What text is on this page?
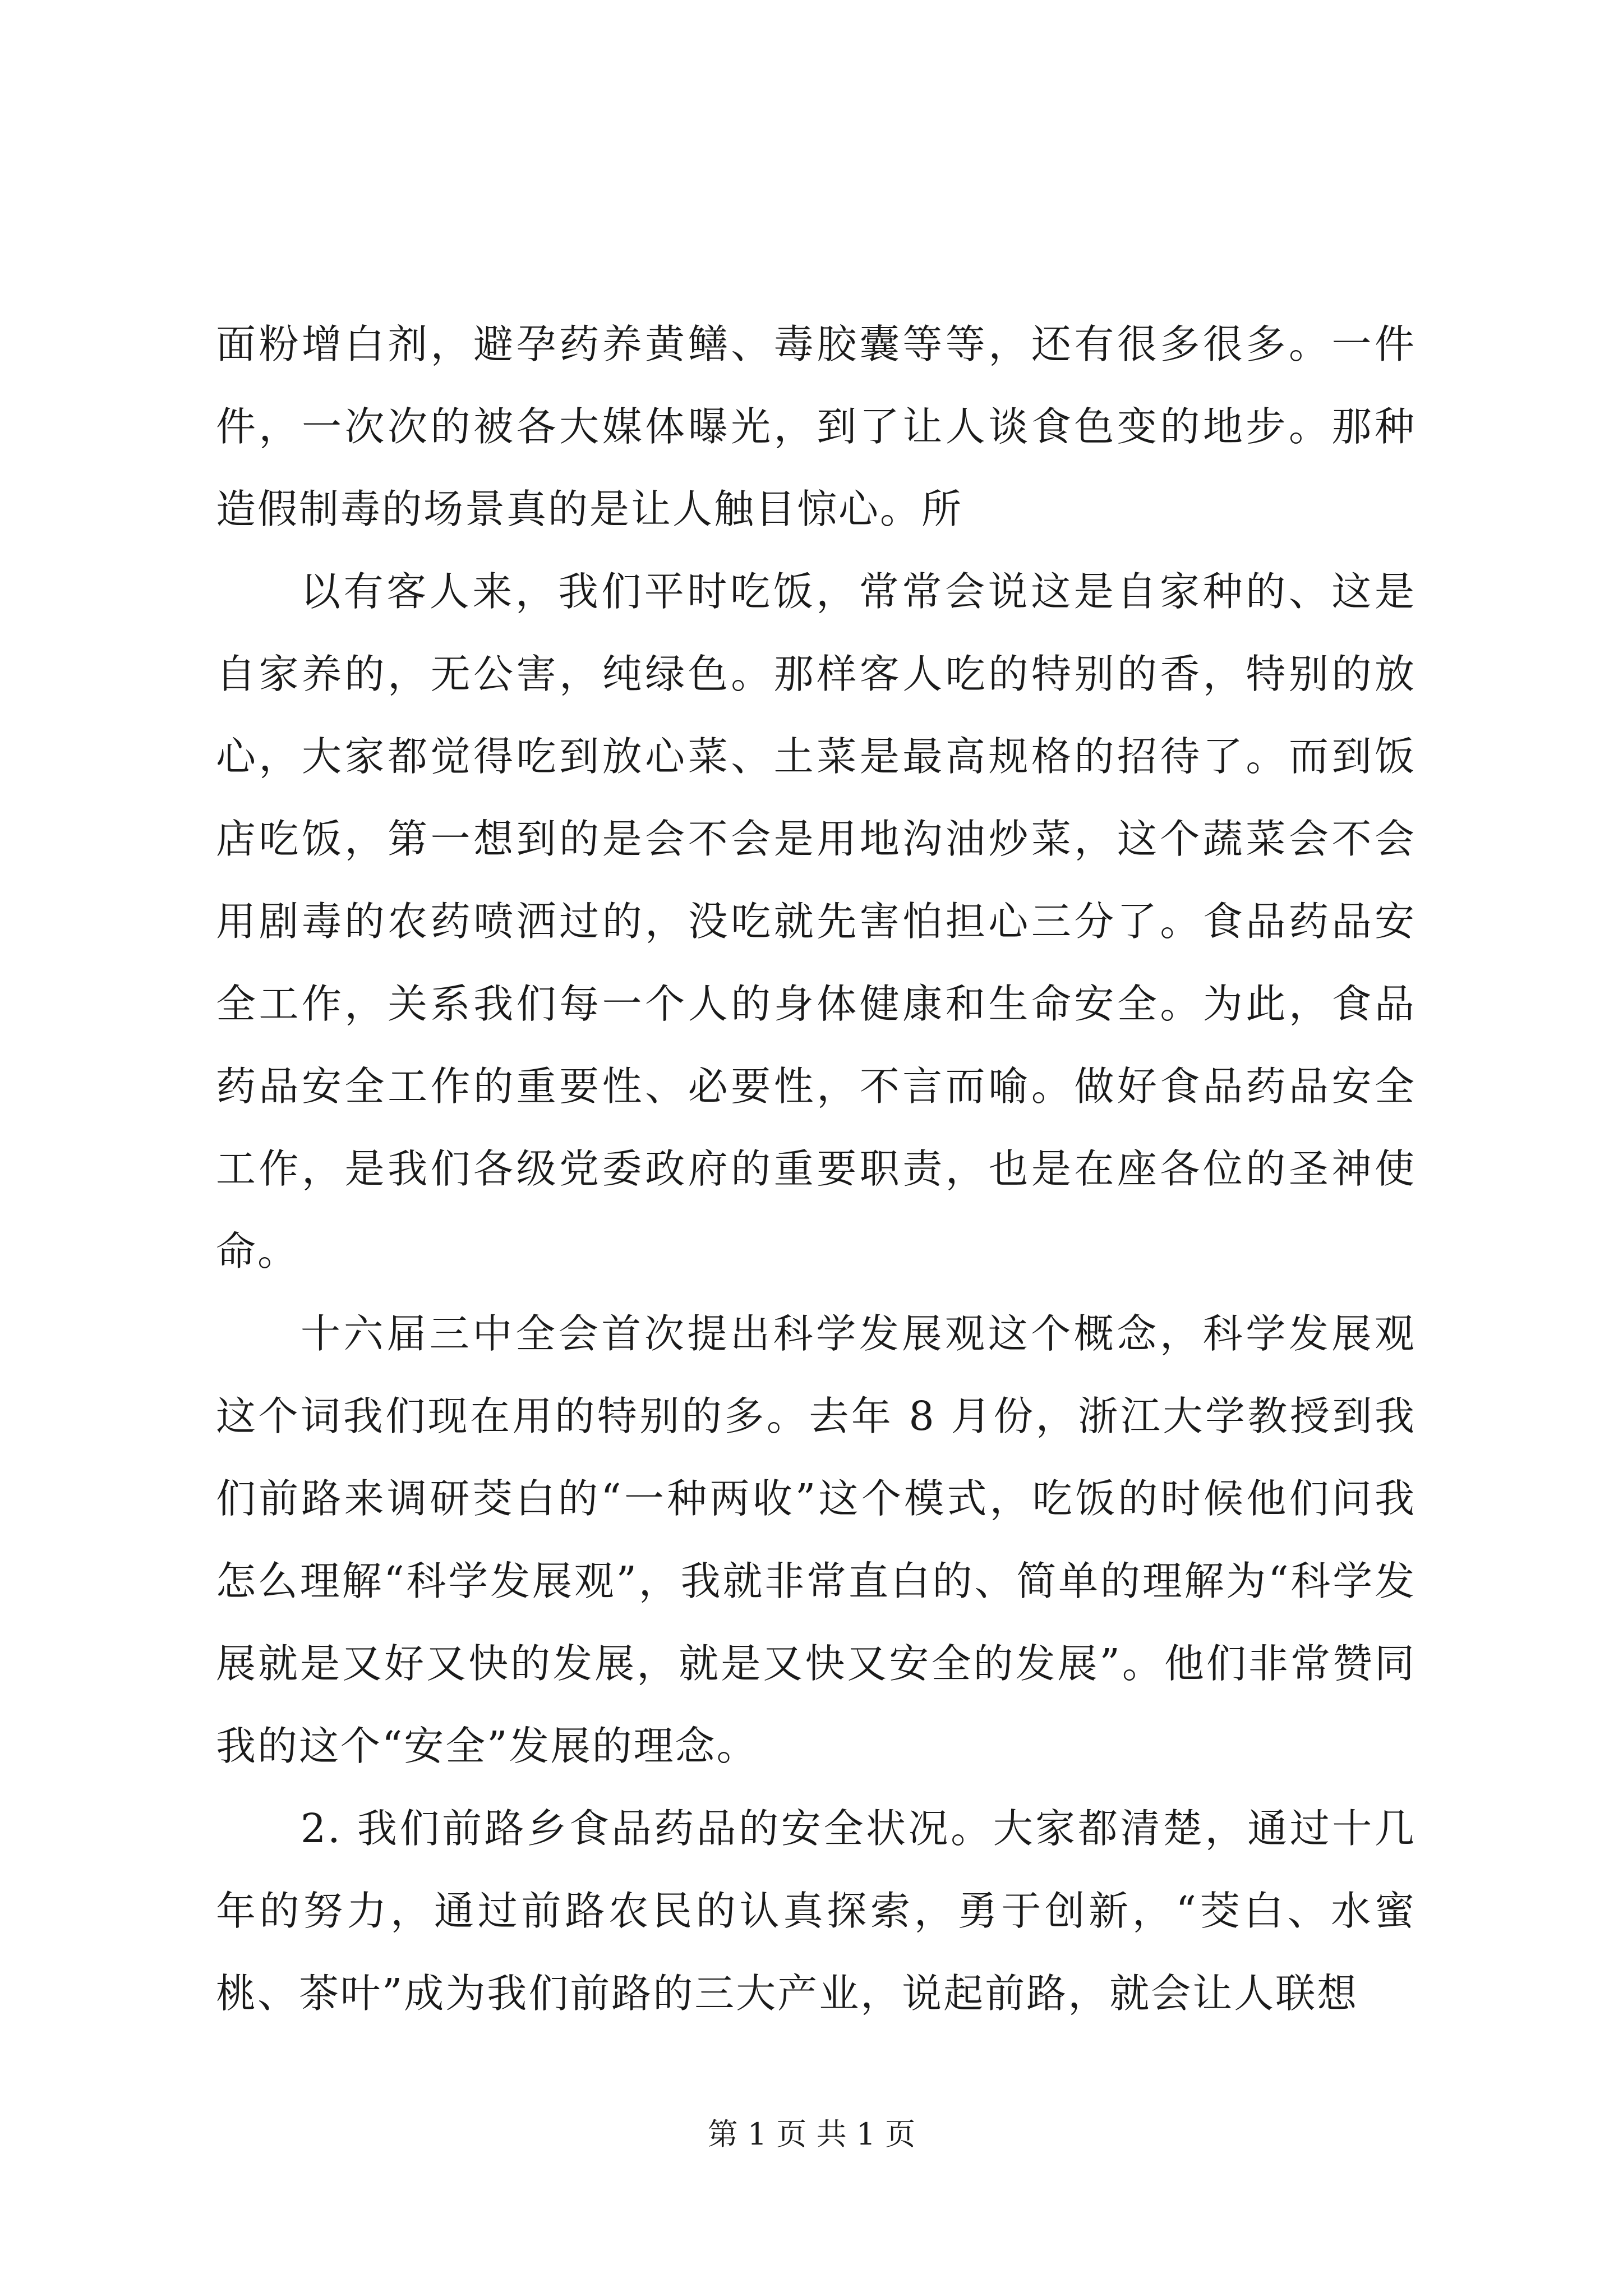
面粉增白剂，避孕药养黄鳝、毒胶囊等等，还有很多很多。一件件，一次次的被各大媒体曝光，到了让人谈食色变的地步。那种造假制毒的场景真的是让人触目惊心。所

以有客人来，我们平时吃饭，常常会说这是自家种的、这是自家养的，无公害，纯绿色。那样客人吃的特别的香，特别的放心，大家都觉得吃到放心菜、土菜是最高规格的招待了。而到饭店吃饭，第一想到的是会不会是用地沟油炒菜，这个蔬菜会不会用剧毒的农药喷洒过的，没吃就先害怕担心三分了。食品药品安全工作，关系我们每一个人的身体健康和生命安全。为此，食品药品安全工作的重要性、必要性，不言而喻。做好食品药品安全工作，是我们各级党委政府的重要职责，也是在座各位的圣神使命。

十六届三中全会首次提出科学发展观这个概念，科学发展观这个词我们现在用的特别的多。去年 8 月份，浙江大学教授到我们前路来调研茭白的“一种两收”这个模式，吃饭的时候他们问我怎么理解“科学发展观”，我就非常直白的、简单的理解为“科学发展就是又好又快的发展，就是又快又安全的发展”。他们非常赞同我的这个“安全”发展的理念。

2. 我们前路乡食品药品的安全状况。大家都清楚，通过十几年的努力，通过前路农民的认真探索，勇于创新，“茭白、水蜜桃、茶叶”成为我们前路的三大产业，说起前路，就会让人联想

第 1 页 共 1 页
